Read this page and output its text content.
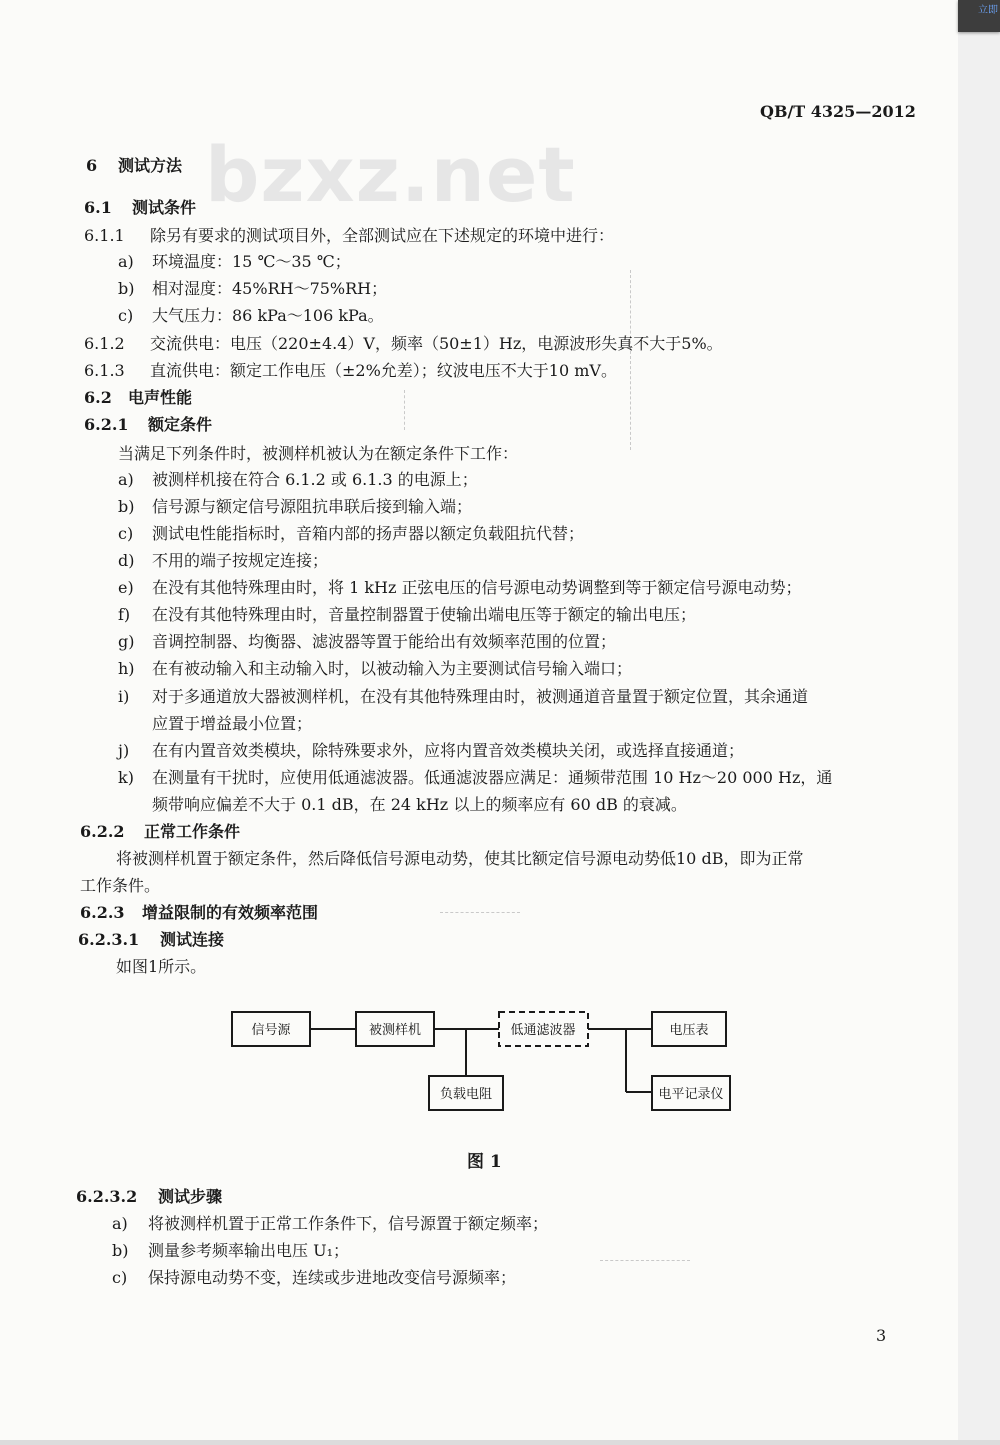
bzxz.net
QB/T 4325—2012
6 测试方法
6.1 测试条件
6.1.1 除另有要求的测试项目外，全部测试应在下述规定的环境中进行：
a) 环境温度：15 ℃～35 ℃；
b) 相对湿度：45%RH～75%RH；
c) 大气压力：86 kPa～106 kPa。
6.1.2 交流供电：电压（220±4.4）V，频率（50±1）Hz，电源波形失真不大于5%。
6.1.3 直流供电：额定工作电压（±2%允差）；纹波电压不大于10 mV。
6.2 电声性能
6.2.1 额定条件
当满足下列条件时，被测样机被认为在额定条件下工作：
a) 被测样机接在符合 6.1.2 或 6.1.3 的电源上；
b) 信号源与额定信号源阻抗串联后接到输入端；
c) 测试电性能指标时，音箱内部的扬声器以额定负载阻抗代替；
d) 不用的端子按规定连接；
e) 在没有其他特殊理由时，将 1 kHz 正弦电压的信号源电动势调整到等于额定信号源电动势；
f) 在没有其他特殊理由时，音量控制器置于使输出端电压等于额定的输出电压；
g) 音调控制器、均衡器、滤波器等置于能给出有效频率范围的位置；
h) 在有被动输入和主动输入时，以被动输入为主要测试信号输入端口；
i) 对于多通道放大器被测样机，在没有其他特殊理由时，被测通道音量置于额定位置，其余通道
应置于增益最小位置；
j) 在有内置音效类模块，除特殊要求外，应将内置音效类模块关闭，或选择直接通道；
k) 在测量有干扰时，应使用低通滤波器。低通滤波器应满足：通频带范围 10 Hz～20 000 Hz，通
频带响应偏差不大于 0.1 dB，在 24 kHz 以上的频率应有 60 dB 的衰减。
6.2.2 正常工作条件
将被测样机置于额定条件，然后降低信号源电动势，使其比额定信号源电动势低10 dB，即为正常
工作条件。
6.2.3 增益限制的有效频率范围
6.2.3.1 测试连接
如图1所示。
信号源	被测样机	低通滤波器
负载电阻
电压表
电平记录仪
图 1
6.2.3.2 测试步骤
a) 将被测样机置于正常工作条件下，信号源置于额定频率；
b) 测量参考频率输出电压 U₁；
c) 保持源电动势不变，连续或步进地改变信号源频率；
3
立即
